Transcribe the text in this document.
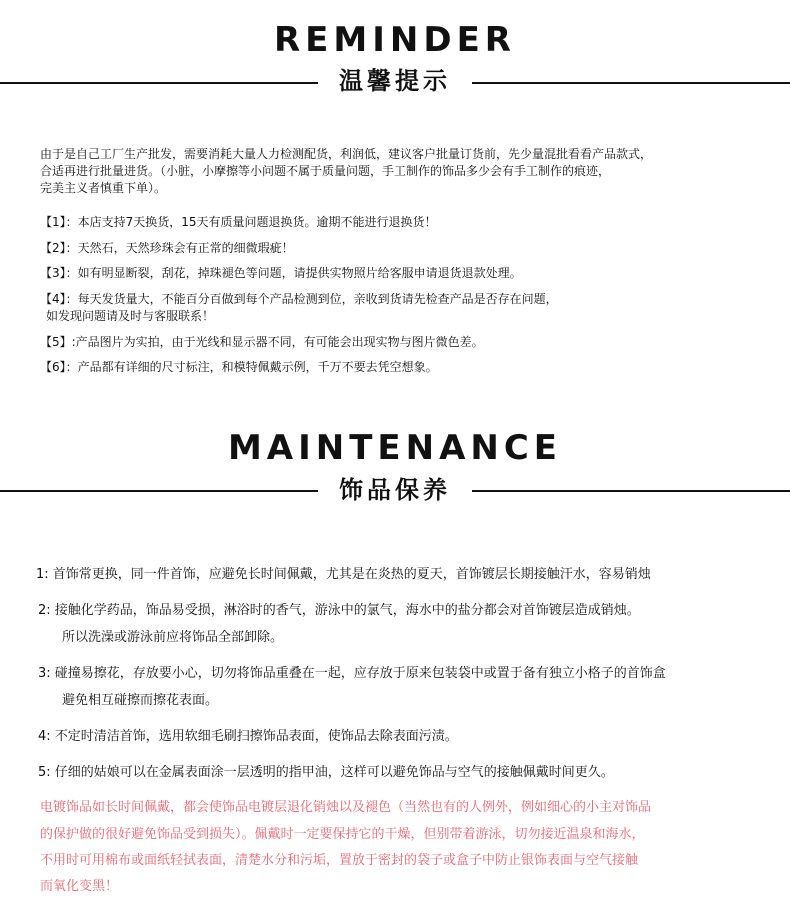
REMINDER
温馨提示
由于是自己工厂生产批发，需要消耗大量人力检测配货，利润低，建议客户批量订货前，先少量混批看看产品款式，
合适再进行批量进货。（小脏，小摩擦等小问题不属于质量问题，手工制作的饰品多少会有手工制作的痕迹，
完美主义者慎重下单）。
【1】：本店支持7天换货，15天有质量问题退换货。逾期不能进行退换货！
【2】：天然石，天然珍珠会有正常的细微瑕疵！
【3】：如有明显断裂，刮花，掉珠褪色等问题，请提供实物照片给客服申请退货退款处理。
【4】：每天发货量大，不能百分百做到每个产品检测到位，亲收到货请先检查产品是否存在问题，
如发现问题请及时与客服联系！
【5】:产品图片为实拍，由于光线和显示器不同，有可能会出现实物与图片微色差。
【6】：产品都有详细的尺寸标注，和模特佩戴示例，千万不要去凭空想象。
MAINTENANCE
饰品保养
1: 首饰常更换，同一件首饰，应避免长时间佩戴，尤其是在炎热的夏天，首饰镀层长期接触汗水，容易销烛
2: 接触化学药品，饰品易受损，淋浴时的香气，游泳中的氯气，海水中的盐分都会对首饰镀层造成销烛。
所以洗澡或游泳前应将饰品全部卸除。
3: 碰撞易擦花，存放要小心，切勿将饰品重叠在一起，应存放于原来包装袋中或置于备有独立小格子的首饰盒
避免相互碰擦而擦花表面。
4: 不定时清洁首饰，选用软细毛刷扫擦饰品表面，使饰品去除表面污渍。
5: 仔细的姑娘可以在金属表面涂一层透明的指甲油，这样可以避免饰品与空气的接触佩戴时间更久。
电镀饰品如长时间佩戴，都会使饰品电镀层退化销烛以及褪色（当然也有的人例外，例如细心的小主对饰品
的保护做的很好避免饰品受到损失）。佩戴时一定要保持它的干燥，但别带着游泳，切勿接近温泉和海水，
不用时可用棉布或面纸轻拭表面，清楚水分和污垢，置放于密封的袋子或盒子中防止银饰表面与空气接触
而氧化变黑！
